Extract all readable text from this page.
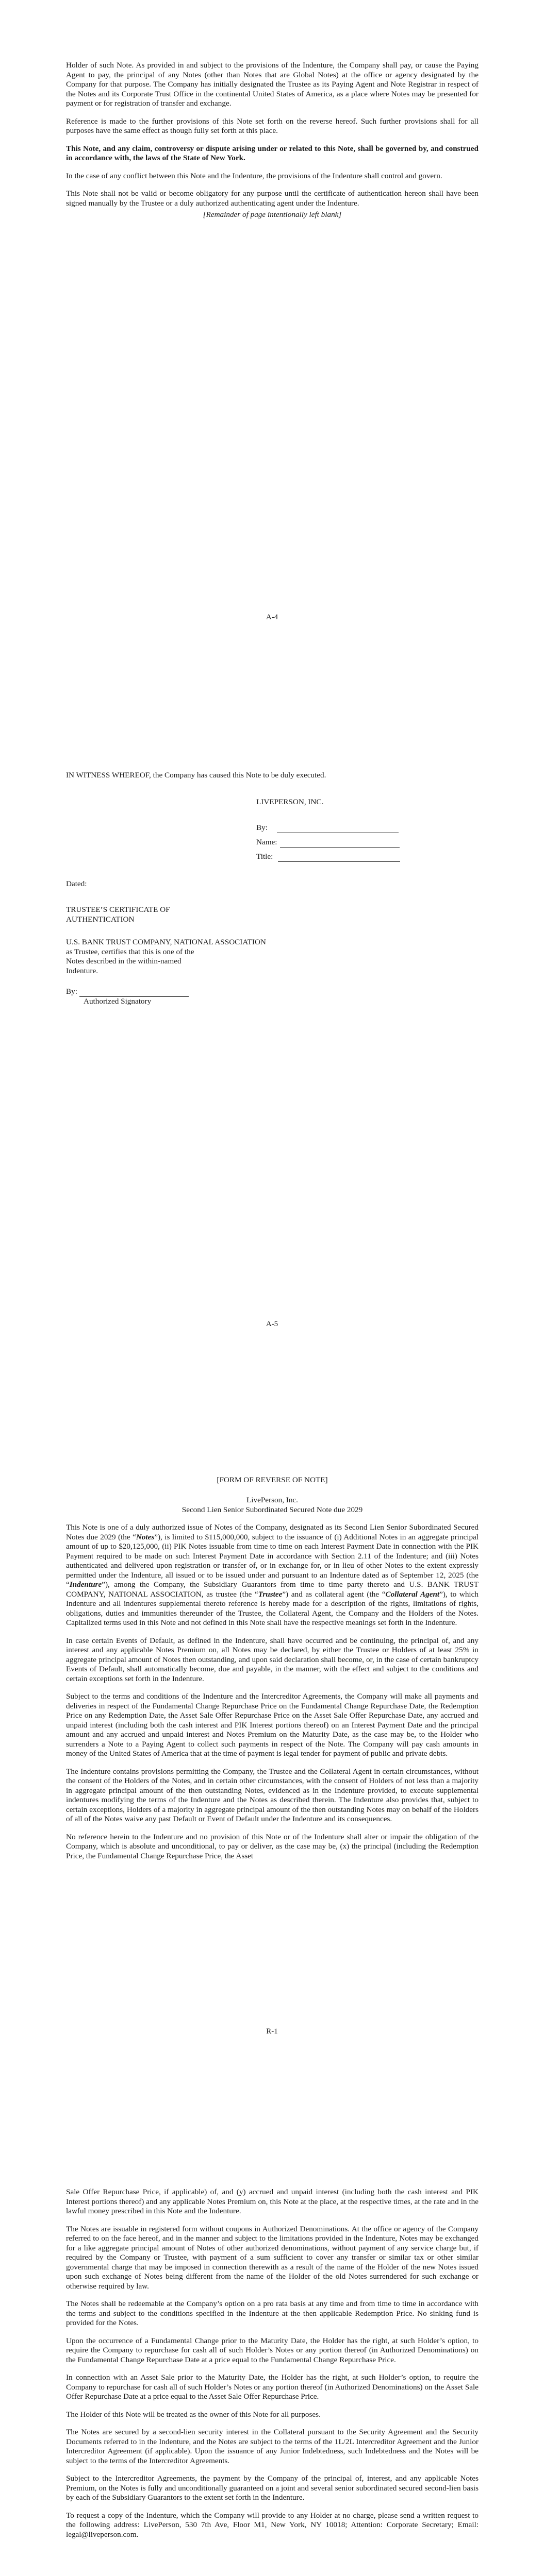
Holder of such Note. As provided in and subject to the provisions of the Indenture, the Company shall pay, or cause the Paying Agent to pay, the principal of any Notes (other than Notes that are Global Notes) at the office or agency designated by the Company for that purpose. The Company has initially designated the Trustee as its Paying Agent and Note Registrar in respect of the Notes and its Corporate Trust Office in the continental United States of America, as a place where Notes may be presented for payment or for registration of transfer and exchange.

Reference is made to the further provisions of this Note set forth on the reverse hereof. Such further provisions shall for all purposes have the same effect as though fully set forth at this place.

This Note, and any claim, controversy or dispute arising under or related to this Note, shall be governed by, and construed in accordance with, the laws of the State of New York.

In the case of any conflict between this Note and the Indenture, the provisions of the Indenture shall control and govern.

This Note shall not be valid or become obligatory for any purpose until the certificate of authentication hereon shall have been signed manually by the Trustee or a duly authorized authenticating agent under the Indenture.

[Remainder of page intentionally left blank]

A-4
IN WITNESS WHEREOF, the Company has caused this Note to be duly executed.
LIVEPERSON, INC.
By:
Name:
Title:
Dated:
TRUSTEE’S CERTIFICATE OF
AUTHENTICATION
U.S. BANK TRUST COMPANY, NATIONAL ASSOCIATION
as Trustee, certifies that this is one of the
Notes described in the within-named
Indenture.
By:
Authorized Signatory
A-5
[FORM OF REVERSE OF NOTE]
LivePerson, Inc.
Second Lien Senior Subordinated Secured Note due 2029

This Note is one of a duly authorized issue of Notes of the Company, designated as its Second Lien Senior Subordinated Secured Notes due 2029 (the “Notes”), is limited to $115,000,000, subject to the issuance of (i) Additional Notes in an aggregate principal amount of up to $20,125,000, (ii) PIK Notes issuable from time to time on each Interest Payment Date in connection with the PIK Payment required to be made on such Interest Payment Date in accordance with Section 2.11 of the Indenture; and (iii) Notes authenticated and delivered upon registration or transfer of, or in exchange for, or in lieu of other Notes to the extent expressly permitted under the Indenture, all issued or to be issued under and pursuant to an Indenture dated as of September 12, 2025 (the “Indenture”), among the Company, the Subsidiary Guarantors from time to time party thereto and U.S. BANK TRUST COMPANY, NATIONAL ASSOCIATION, as trustee (the “Trustee”) and as collateral agent (the “Collateral Agent”), to which Indenture and all indentures supplemental thereto reference is hereby made for a description of the rights, limitations of rights, obligations, duties and immunities thereunder of the Trustee, the Collateral Agent, the Company and the Holders of the Notes. Capitalized terms used in this Note and not defined in this Note shall have the respective meanings set forth in the Indenture.

In case certain Events of Default, as defined in the Indenture, shall have occurred and be continuing, the principal of, and any interest and any applicable Notes Premium on, all Notes may be declared, by either the Trustee or Holders of at least 25% in aggregate principal amount of Notes then outstanding, and upon said declaration shall become, or, in the case of certain bankruptcy Events of Default, shall automatically become, due and payable, in the manner, with the effect and subject to the conditions and certain exceptions set forth in the Indenture.

Subject to the terms and conditions of the Indenture and the Intercreditor Agreements, the Company will make all payments and deliveries in respect of the Fundamental Change Repurchase Price on the Fundamental Change Repurchase Date, the Redemption Price on any Redemption Date, the Asset Sale Offer Repurchase Price on the Asset Sale Offer Repurchase Date, any accrued and unpaid interest (including both the cash interest and PIK Interest portions thereof) on an Interest Payment Date and the principal amount and any accrued and unpaid interest and Notes Premium on the Maturity Date, as the case may be, to the Holder who surrenders a Note to a Paying Agent to collect such payments in respect of the Note. The Company will pay cash amounts in money of the United States of America that at the time of payment is legal tender for payment of public and private debts.

The Indenture contains provisions permitting the Company, the Trustee and the Collateral Agent in certain circumstances, without the consent of the Holders of the Notes, and in certain other circumstances, with the consent of Holders of not less than a majority in aggregate principal amount of the then outstanding Notes, evidenced as in the Indenture provided, to execute supplemental indentures modifying the terms of the Indenture and the Notes as described therein. The Indenture also provides that, subject to certain exceptions, Holders of a majority in aggregate principal amount of the then outstanding Notes may on behalf of the Holders of all of the Notes waive any past Default or Event of Default under the Indenture and its consequences.

No reference herein to the Indenture and no provision of this Note or of the Indenture shall alter or impair the obligation of the Company, which is absolute and unconditional, to pay or deliver, as the case may be, (x) the principal (including the Redemption Price, the Fundamental Change Repurchase Price, the Asset

R-1

Sale Offer Repurchase Price, if applicable) of, and (y) accrued and unpaid interest (including both the cash interest and PIK Interest portions thereof) and any applicable Notes Premium on, this Note at the place, at the respective times, at the rate and in the lawful money prescribed in this Note and the Indenture.

The Notes are issuable in registered form without coupons in Authorized Denominations. At the office or agency of the Company referred to on the face hereof, and in the manner and subject to the limitations provided in the Indenture, Notes may be exchanged for a like aggregate principal amount of Notes of other authorized denominations, without payment of any service charge but, if required by the Company or Trustee, with payment of a sum sufficient to cover any transfer or similar tax or other similar governmental charge that may be imposed in connection therewith as a result of the name of the Holder of the new Notes issued upon such exchange of Notes being different from the name of the Holder of the old Notes surrendered for such exchange or otherwise required by law.

The Notes shall be redeemable at the Company’s option on a pro rata basis at any time and from time to time in accordance with the terms and subject to the conditions specified in the Indenture at the then applicable Redemption Price. No sinking fund is provided for the Notes.

Upon the occurrence of a Fundamental Change prior to the Maturity Date, the Holder has the right, at such Holder’s option, to require the Company to repurchase for cash all of such Holder’s Notes or any portion thereof (in Authorized Denominations) on the Fundamental Change Repurchase Date at a price equal to the Fundamental Change Repurchase Price.

In connection with an Asset Sale prior to the Maturity Date, the Holder has the right, at such Holder’s option, to require the Company to repurchase for cash all of such Holder’s Notes or any portion thereof (in Authorized Denominations) on the Asset Sale Offer Repurchase Date at a price equal to the Asset Sale Offer Repurchase Price.

The Holder of this Note will be treated as the owner of this Note for all purposes.

The Notes are secured by a second-lien security interest in the Collateral pursuant to the Security Agreement and the Security Documents referred to in the Indenture, and the Notes are subject to the terms of the 1L/2L Intercreditor Agreement and the Junior Intercreditor Agreement (if applicable). Upon the issuance of any Junior Indebtedness, such Indebtedness and the Notes will be subject to the terms of the Intercreditor Agreements.

Subject to the Intercreditor Agreements, the payment by the Company of the principal of, interest, and any applicable Notes Premium, on the Notes is fully and unconditionally guaranteed on a joint and several senior subordinated secured second-lien basis by each of the Subsidiary Guarantors to the extent set forth in the Indenture.

To request a copy of the Indenture, which the Company will provide to any Holder at no charge, please send a written request to the following address: LivePerson, 530 7th Ave, Floor M1, New York, NY 10018; Attention: Corporate Secretary; Email: legal@liveperson.com.
